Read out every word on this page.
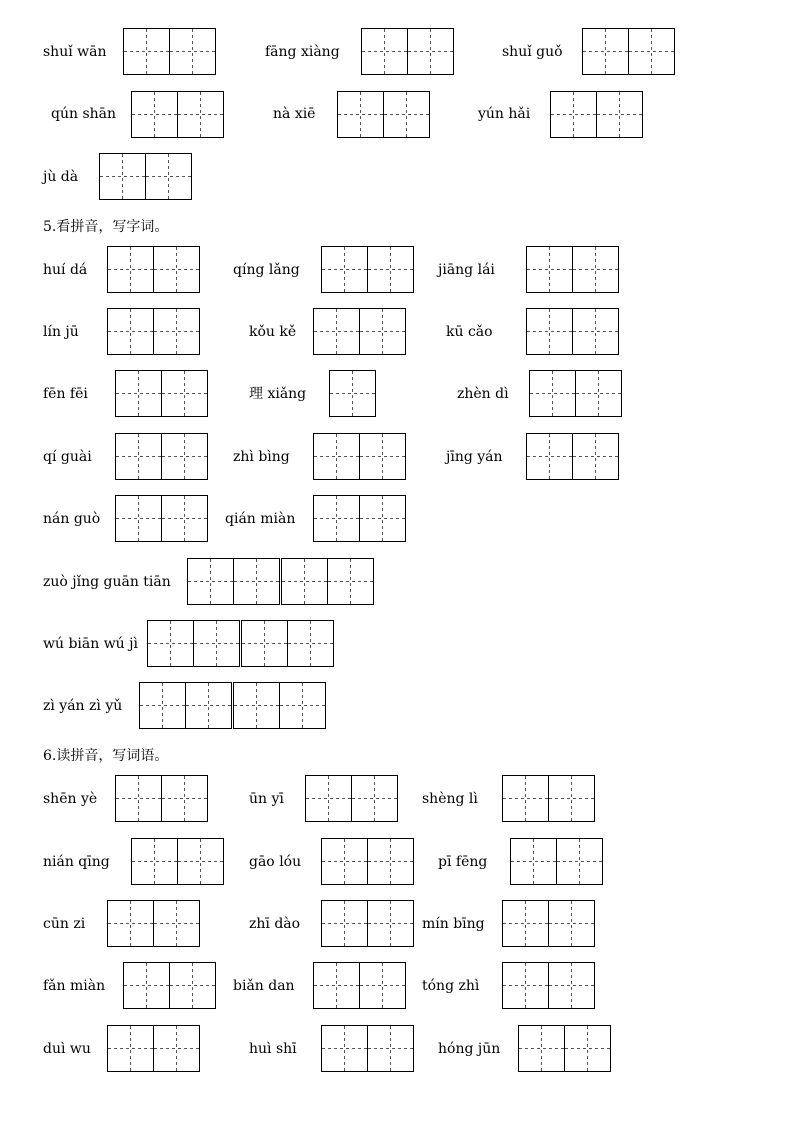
shuǐ wān	fāng xiàng	shuǐ guǒ
qún shān	nà xiē	yún hǎi
jù dà
5.看拼音，写字词。
huí dá	qíng lǎng	jiāng lái
lín jū	kǒu kě	kū cǎo
fēn fēi	理 xiǎng	zhèn dì
qí guài	zhì bìng	jīng yán
nán guò	qián miàn
zuò jǐng guān tiān
wú biān wú jì
zì yán zì yǔ
6.读拼音，写词语。
shēn yè	ūn yī	shèng lì
nián qīng	gāo lóu	pī fēng
cūn zi	zhī dào	mín bīng
fǎn miàn	biǎn dan	tóng zhì
duì wu	huì shī	hóng jūn
